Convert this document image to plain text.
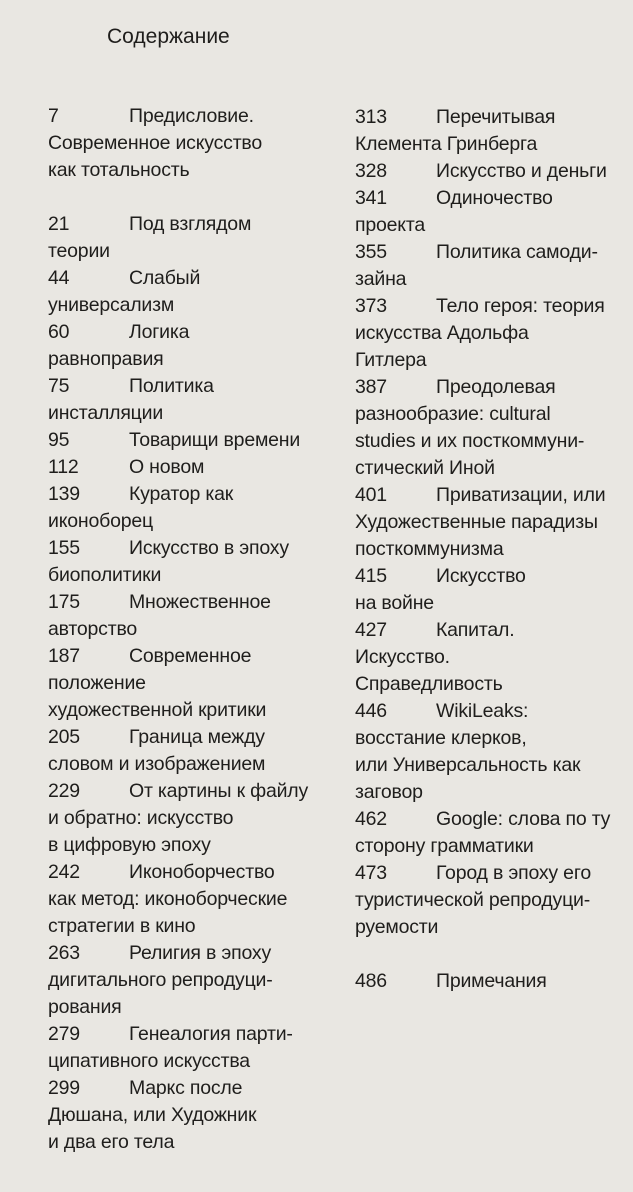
Содержание
7	Предисловие.
Современное искусство
как тотальность
21	Под взглядом
теории
44	Слабый
универсализм
60	Логика
равноправия
75	Политика
инсталляции
95	Товарищи времени
112	О новом
139	Куратор как
иконоборец
155	Искусство в эпоху
биополитики
175	Множественное
авторство
187	Современное
положение
художественной критики
205	Граница между
словом и изображением
229	От картины к файлу
и обратно: искусство
в цифровую эпоху
242	Иконоборчество
как метод: иконоборческие
стратегии в кино
263	Религия в эпоху
дигитального репродуци-
рования
279	Генеалогия парти-
ципативного искусства
299	Маркс после
Дюшана, или Художник
и два его тела
313	Перечитывая
Клемента Гринберга
328	Искусство и деньги
341	Одиночество
проекта
355	Политика самоди-
зайна
373	Тело героя: теория
искусства Адольфа
Гитлера
387	Преодолевая
разнообразие: cultural
studies и их посткоммуни-
стический Иной
401	Приватизации, или
Художественные парадизы
посткоммунизма
415	Искусство
на войне
427	Капитал.
Искусство.
Справедливость
446	WikiLeaks:
восстание клерков,
или Универсальность как
заговор
462	Google: слова по ту
сторону грамматики
473	Город в эпоху его
туристической репродуци-
руемости
486	Примечания
